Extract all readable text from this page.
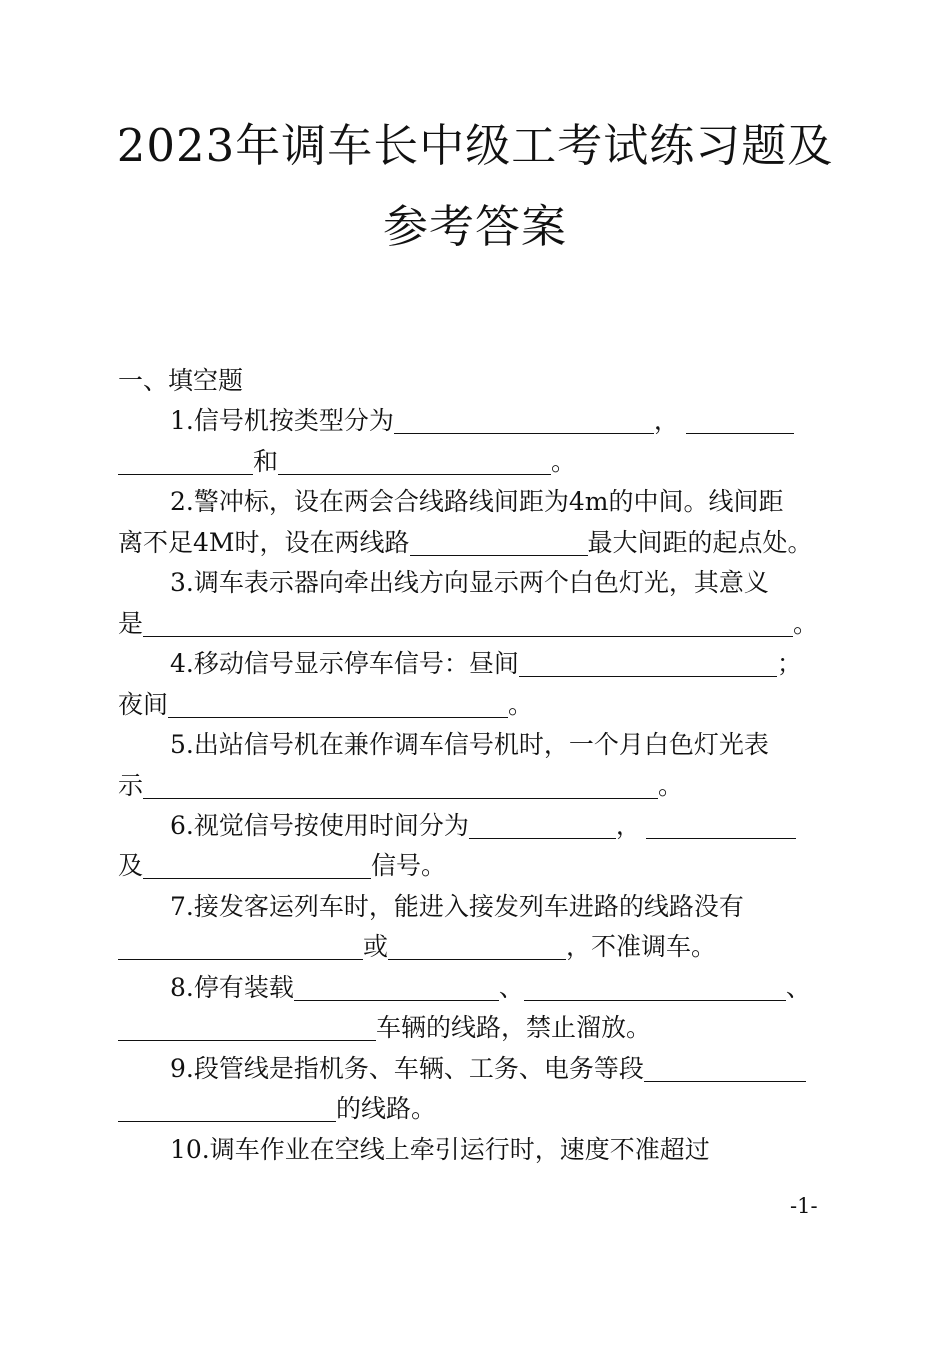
2023年调车长中级工考试练习题及
参考答案
一、填空题
1.信号机按类型分为	，
和	。
2.警冲标，设在两会合线路线间距为4m的中间。线间距
离不足4M时，设在两线路	最大间距的起点处。
3.调车表示器向牵出线方向显示两个白色灯光，其意义
是	。
4.移动信号显示停车信号：昼间	；
夜间	。
5.出站信号机在兼作调车信号机时，一个月白色灯光表
示	。
6.视觉信号按使用时间分为	，
及	信号。
7.接发客运列车时，能进入接发列车进路的线路没有
或	，不准调车。
8.停有装载	、	、
车辆的线路，禁止溜放。
9.段管线是指机务、车辆、工务、电务等段
的线路。
10.调车作业在空线上牵引运行时，速度不准超过
-1-
